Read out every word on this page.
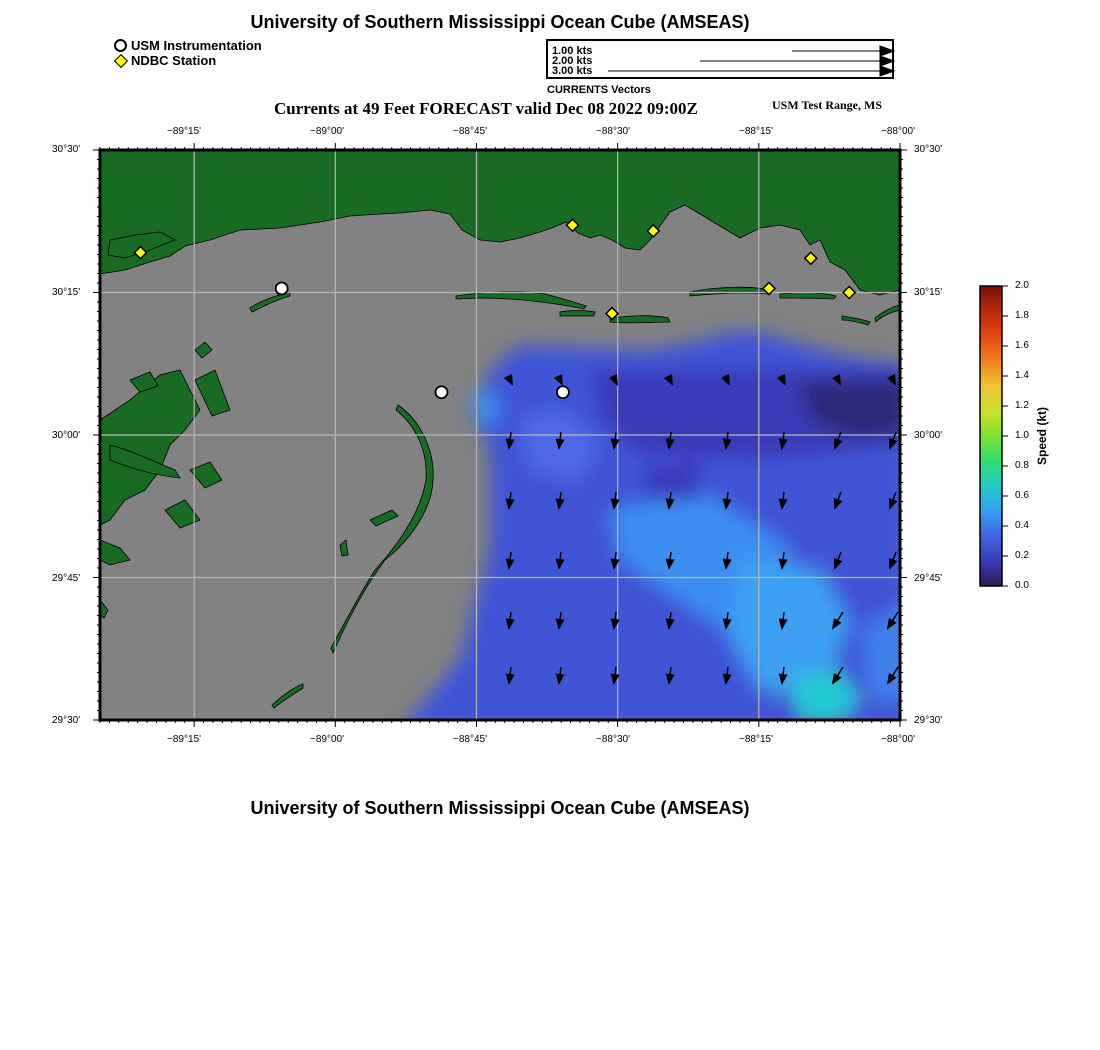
University of Southern Mississippi Ocean Cube (AMSEAS)
USM Instrumentation
NDBC Station
1.00 kts
2.00 kts
3.00 kts
CURRENTS Vectors
Currents at 49 Feet FORECAST valid Dec 08 2022 09:00Z	USM Test Range, MS
−89°15'	−89°00'	−88°45'	−88°30'	−88°15'	−88°00'
−89°15'	−89°00'	−88°45'	−88°30'	−88°15'	−88°00'
30°30'
30°15'
30°00'
29°45'
29°30'
30°30'
30°15'
30°00'
29°45'
29°30'
2.0
1.8
1.6
1.4
1.2
1.0
0.8
0.6
0.4
0.2
0.0
Speed (kt)
University of Southern Mississippi Ocean Cube (AMSEAS)
